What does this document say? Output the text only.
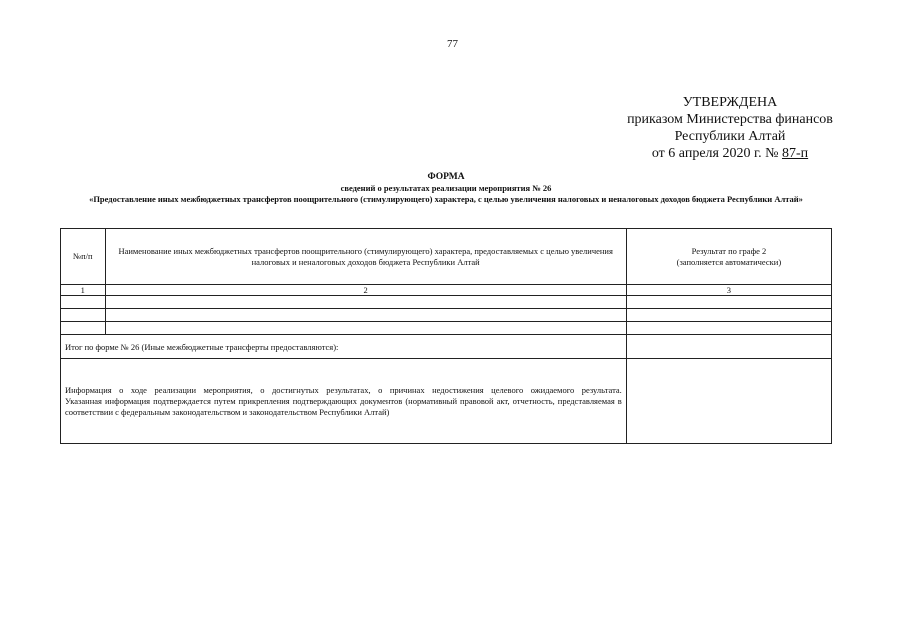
77
УТВЕРЖДЕНА
приказом Министерства финансов
Республики Алтай
от 6 апреля 2020 г. № 87-п
ФОРМА
сведений о результатах реализации мероприятия № 26
«Предоставление иных межбюджетных трансфертов поощрительного (стимулирующего) характера, с целью увеличения налоговых и неналоговых доходов бюджета Республики Алтай»
№п/п	Наименование иных межбюджетных трансфертов поощрительного (стимулирующего) характера, предоставляемых с целью увеличения налоговых и неналоговых доходов бюджета Республики Алтай	Результат по графе 2
(заполняется автоматически)

1	2	3

Итог по форме № 26 (Иные межбюджетные трансферты предоставляются):		

Информация о ходе реализации мероприятия, о достигнутых результатах, о причинах недостижения целевого ожидаемого результата.
Указанная информация подтверждается путем прикрепления подтверждающих документов (нормативный правовой акт, отчетность, представляемая в соответствии с федеральным законодательством и законодательством Республики Алтай)		
